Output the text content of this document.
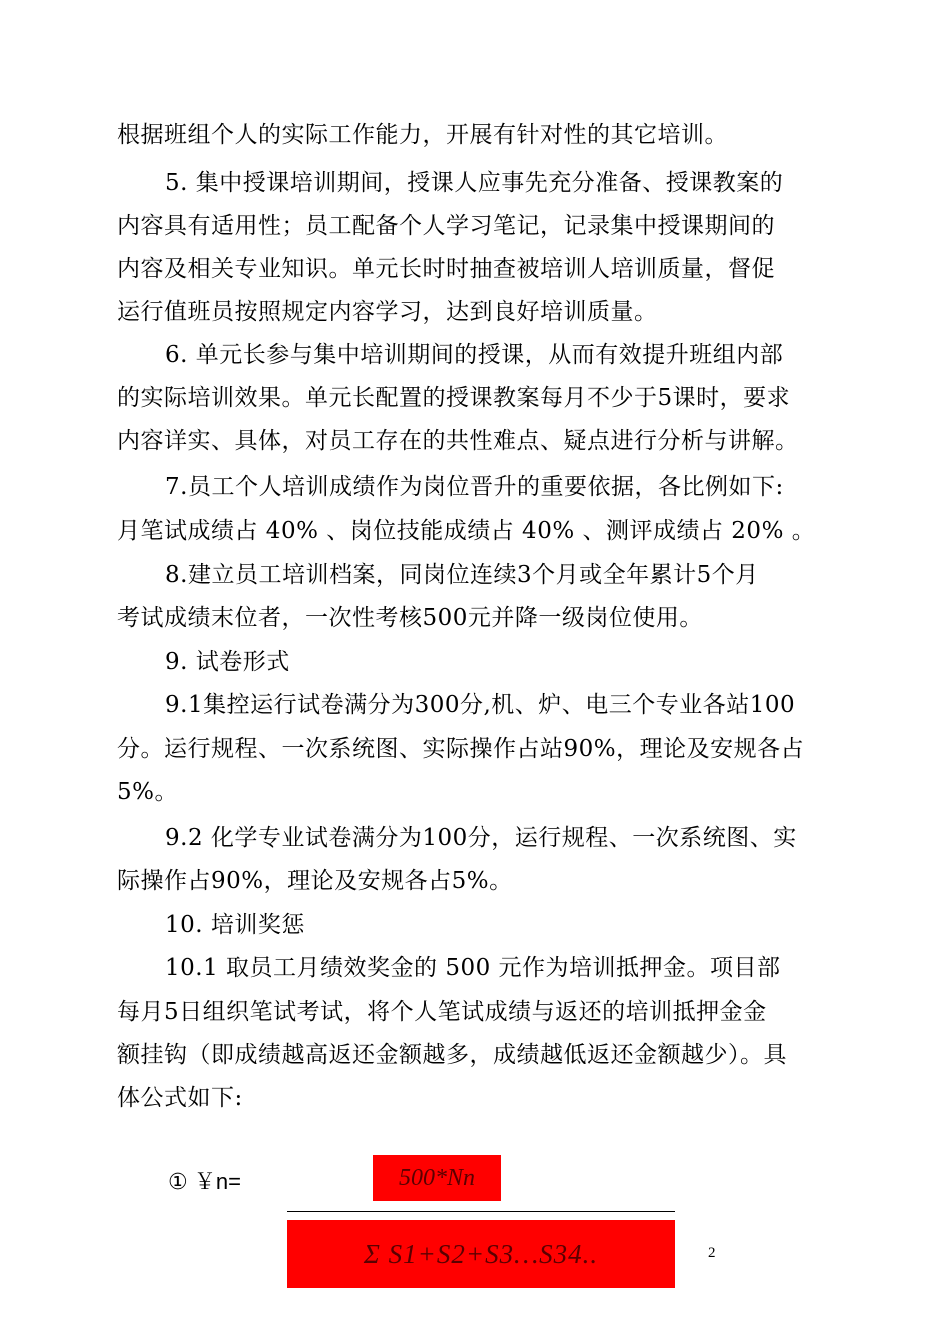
根据班组个人的实际工作能力，开展有针对性的其它培训。
5. 集中授课培训期间，授课人应事先充分准备、授课教案的
内容具有适用性；员工配备个人学习笔记，记录集中授课期间的
内容及相关专业知识。单元长时时抽查被培训人培训质量，督促
运行值班员按照规定内容学习，达到良好培训质量。
6. 单元长参与集中培训期间的授课，从而有效提升班组内部
的实际培训效果。单元长配置的授课教案每月不少于5课时，要求
内容详实、具体，对员工存在的共性难点、疑点进行分析与讲解。
7.员工个人培训成绩作为岗位晋升的重要依据，各比例如下:
月笔试成绩占 40% 、岗位技能成绩占 40% 、测评成绩占 20% 。
8.建立员工培训档案，同岗位连续3个月或全年累计5个月
考试成绩末位者，一次性考核500元并降一级岗位使用。
9. 试卷形式
9.1集控运行试卷满分为300分,机、炉、电三个专业各站100
分。运行规程、一次系统图、实际操作占站90%，理论及安规各占
5%。
9.2 化学专业试卷满分为100分，运行规程、一次系统图、实
际操作占90%，理论及安规各占5%。
10. 培训奖惩
10.1 取员工月绩效奖金的 500 元作为培训抵押金。项目部
每月5日组织笔试考试，将个人笔试成绩与返还的培训抵押金金
额挂钩（即成绩越高返还金额越多，成绩越低返还金额越少）。具
体公式如下:
① ￥n=	500*Nn
Σ S1+S2+S3…S34..	2
